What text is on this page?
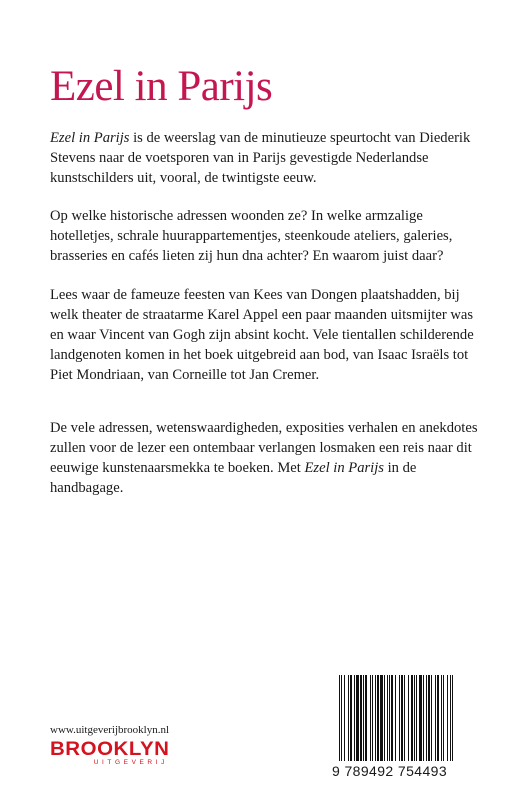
Ezel in Parijs

Ezel in Parijs is de weerslag van de minutieuze speurtocht van Diederik Stevens naar de voetsporen van in Parijs gevestigde Nederlandse kunstschilders uit, vooral, de twintigste eeuw.

Op welke historische adressen woonden ze? In welke armzalige hotelletjes, schrale huurappartementjes, steenkoude ateliers, galeries, brasseries en cafés lieten zij hun dna achter? En waarom juist daar?

Lees waar de fameuze feesten van Kees van Dongen plaatshadden, bij welk theater de straatarme Karel Appel een paar maanden uitsmijter was en waar Vincent van Gogh zijn absint kocht. Vele tientallen schilderende landgenoten komen in het boek uitgebreid aan bod, van Isaac Israëls tot Piet Mondriaan, van Corneille tot Jan Cremer.

De vele adressen, wetenswaardigheden, exposities verhalen en anekdotes zullen voor de lezer een ontembaar verlangen losmaken een reis naar dit eeuwige kunstenaarsmekka te boeken. Met Ezel in Parijs in de handbagage.

www.uitgeverijbrooklyn.nl
BROOKLYN
UITGEVERIJ
9 789492 754493
